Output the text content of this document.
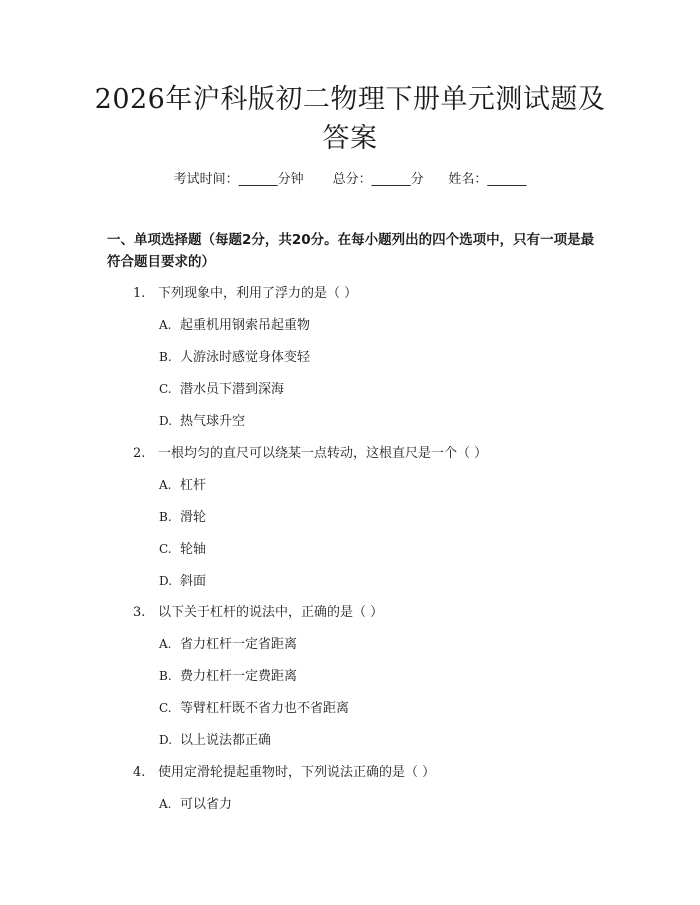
2026年沪科版初二物理下册单元测试题及答案
考试时间：______分钟 总分：______分 姓名：______
一、单项选择题（每题2分，共20分。在每小题列出的四个选项中，只有一项是最符合题目要求的）
1. 下列现象中，利用了浮力的是（ ）
A. 起重机用钢索吊起重物
B. 人游泳时感觉身体变轻
C. 潜水员下潜到深海
D. 热气球升空
2. 一根均匀的直尺可以绕某一点转动，这根直尺是一个（ ）
A. 杠杆
B. 滑轮
C. 轮轴
D. 斜面
3. 以下关于杠杆的说法中，正确的是（ ）
A. 省力杠杆一定省距离
B. 费力杠杆一定费距离
C. 等臂杠杆既不省力也不省距离
D. 以上说法都正确
4. 使用定滑轮提起重物时，下列说法正确的是（ ）
A. 可以省力
